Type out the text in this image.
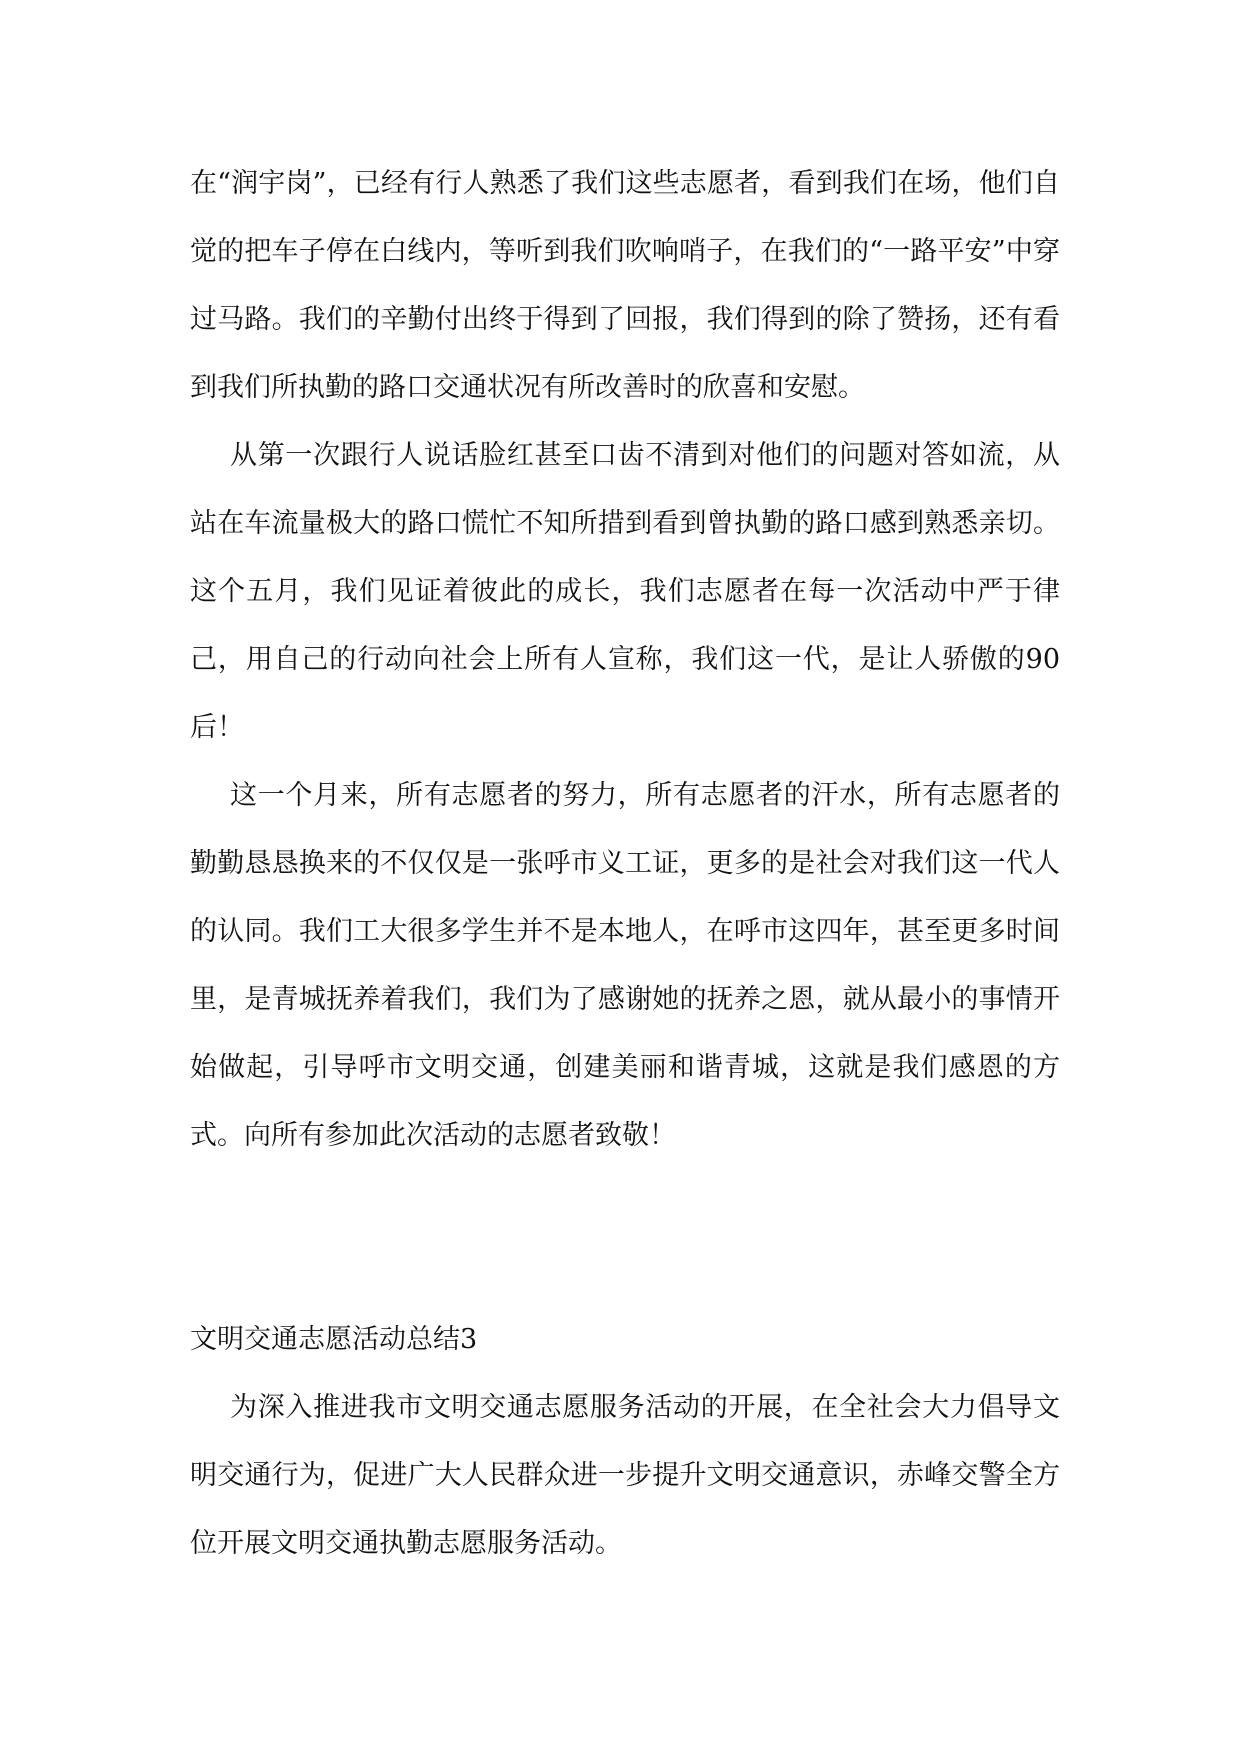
在“润宇岗”，已经有行人熟悉了我们这些志愿者，看到我们在场，他们自觉的把车子停在白线内，等听到我们吹响哨子，在我们的“一路平安”中穿过马路。我们的辛勤付出终于得到了回报，我们得到的除了赞扬，还有看到我们所执勤的路口交通状况有所改善时的欣喜和安慰。

从第一次跟行人说话脸红甚至口齿不清到对他们的问题对答如流，从站在车流量极大的路口慌忙不知所措到看到曾执勤的路口感到熟悉亲切。这个五月，我们见证着彼此的成长，我们志愿者在每一次活动中严于律己，用自己的行动向社会上所有人宣称，我们这一代，是让人骄傲的90后！

这一个月来，所有志愿者的努力，所有志愿者的汗水，所有志愿者的勤勤恳恳换来的不仅仅是一张呼市义工证，更多的是社会对我们这一代人的认同。我们工大很多学生并不是本地人，在呼市这四年，甚至更多时间里，是青城抚养着我们，我们为了感谢她的抚养之恩，就从最小的事情开始做起，引导呼市文明交通，创建美丽和谐青城，这就是我们感恩的方式。向所有参加此次活动的志愿者致敬！

文明交通志愿活动总结3

为深入推进我市文明交通志愿服务活动的开展，在全社会大力倡导文明交通行为，促进广大人民群众进一步提升文明交通意识，赤峰交警全方位开展文明交通执勤志愿服务活动。
